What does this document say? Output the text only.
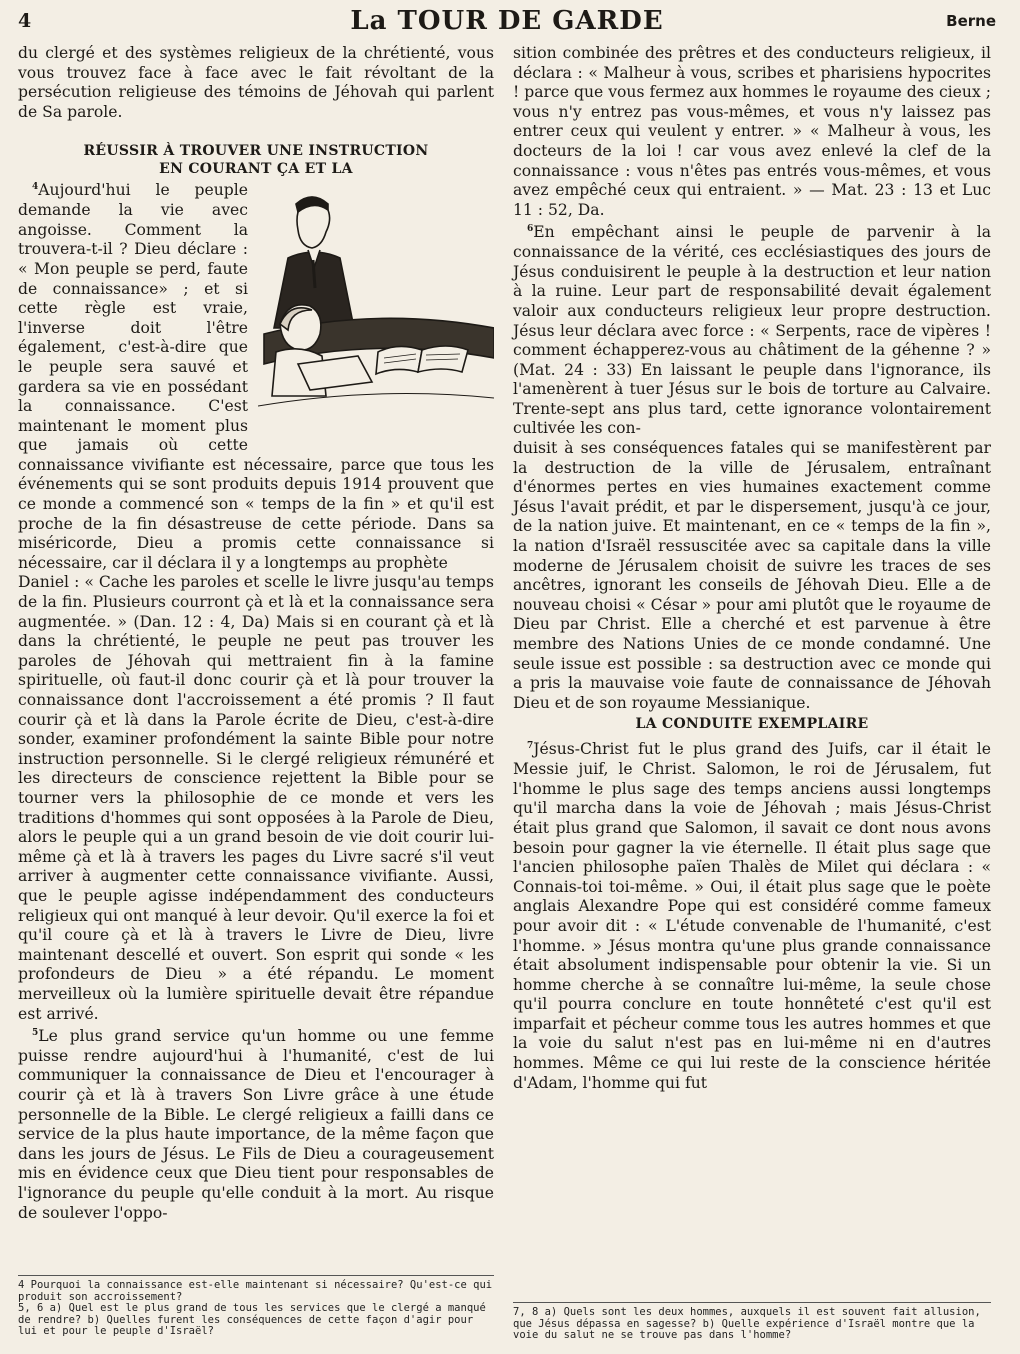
4	La TOUR DE GARDE	Berne

du clergé et des systèmes religieux de la chrétienté, vous vous trouvez face à face avec le fait révoltant de la persécution religieuse des témoins de Jéhovah qui parlent de Sa parole.

RÉUSSIR À TROUVER UNE INSTRUCTION
EN COURANT ÇA ET LA

$^4$Aujourd'hui le peuple demande la vie avec angoisse. Comment la trouvera-t-il ? Dieu déclare : « Mon peuple se perd, faute de connaissance» ; et si cette règle est vraie, l'inverse doit l'être également, c'est-à-dire que le peuple sera sauvé et gardera sa vie en possédant la connaissance. C'est maintenant le moment plus que jamais où cette connaissance vivifiante est nécessaire, parce que tous les événements qui se sont produits depuis 1914 prouvent que ce monde a commencé son « temps de la fin » et qu'il est proche de la fin désastreuse de cette période. Dans sa miséricorde, Dieu a promis cette connaissance si nécessaire, car il déclara il y a longtemps au prophète

Daniel : « Cache les paroles et scelle le livre jusqu'au temps de la fin. Plusieurs courront çà et là et la connaissance sera augmentée. » (Dan. 12 : 4, Da) Mais si en courant çà et là dans la chrétienté, le peuple ne peut pas trouver les paroles de Jéhovah qui mettraient fin à la famine spirituelle, où faut-il donc courir çà et là pour trouver la connaissance dont l'accroissement a été promis ? Il faut courir çà et là dans la Parole écrite de Dieu, c'est-à-dire sonder, examiner profondément la sainte Bible pour notre instruction personnelle. Si le clergé religieux rémunéré et les directeurs de conscience rejettent la Bible pour se tourner vers la philosophie de ce monde et vers les traditions d'hommes qui sont opposées à la Parole de Dieu, alors le peuple qui a un grand besoin de vie doit courir lui-même çà et là à travers les pages du Livre sacré s'il veut arriver à augmenter cette connaissance vivifiante. Aussi, que le peuple agisse indépendamment des conducteurs religieux qui ont manqué à leur devoir. Qu'il exerce la foi et qu'il coure çà et là à travers le Livre de Dieu, livre maintenant descellé et ouvert. Son esprit qui sonde « les profondeurs de Dieu » a été répandu. Le moment merveilleux où la lumière spirituelle devait être répandue est arrivé.

$^5$Le plus grand service qu'un homme ou une femme puisse rendre aujourd'hui à l'humanité, c'est de lui communiquer la connaissance de Dieu et l'encourager à courir çà et là à travers Son Livre grâce à une étude personnelle de la Bible. Le clergé religieux a failli dans ce service de la plus haute importance, de la même façon que dans les jours de Jésus. Le Fils de Dieu a courageusement mis en évidence ceux que Dieu tient pour responsables de l'ignorance du peuple qu'elle conduit à la mort. Au risque de soulever l'oppo-

sition combinée des prêtres et des conducteurs religieux, il déclara : « Malheur à vous, scribes et pharisiens hypocrites ! parce que vous fermez aux hommes le royaume des cieux ; vous n'y entrez pas vous-mêmes, et vous n'y laissez pas entrer ceux qui veulent y entrer. » « Malheur à vous, les docteurs de la loi ! car vous avez enlevé la clef de la connaissance : vous n'êtes pas entrés vous-mêmes, et vous avez empêché ceux qui entraient. » — Mat. 23 : 13 et Luc 11 : 52, Da.

$^6$En empêchant ainsi le peuple de parvenir à la connaissance de la vérité, ces ecclésiastiques des jours de Jésus conduisirent le peuple à la destruction et leur nation à la ruine. Leur part de responsabilité devait également valoir aux conducteurs religieux leur propre destruction. Jésus leur déclara avec force : « Serpents, race de vipères ! comment échapperez-vous au châtiment de la géhenne ? » (Mat. 24 : 33) En laissant le peuple dans l'ignorance, ils l'amenèrent à tuer Jésus sur le bois de torture au Calvaire. Trente-sept ans plus tard, cette ignorance volontairement cultivée les con-

duisit à ses conséquences fatales qui se manifestèrent par la destruction de la ville de Jérusalem, entraînant d'énormes pertes en vies humaines exactement comme Jésus l'avait prédit, et par le dispersement, jusqu'à ce jour, de la nation juive. Et maintenant, en ce « temps de la fin », la nation d'Israël ressuscitée avec sa capitale dans la ville moderne de Jérusalem choisit de suivre les traces de ses ancêtres, ignorant les conseils de Jéhovah Dieu. Elle a de nouveau choisi « César » pour ami plutôt que le royaume de Dieu par Christ. Elle a cherché et est parvenue à être membre des Nations Unies de ce monde condamné. Une seule issue est possible : sa destruction avec ce monde qui a pris la mauvaise voie faute de connaissance de Jéhovah Dieu et de son royaume Messianique.

LA CONDUITE EXEMPLAIRE

$^7$Jésus-Christ fut le plus grand des Juifs, car il était le Messie juif, le Christ. Salomon, le roi de Jérusalem, fut l'homme le plus sage des temps anciens aussi longtemps qu'il marcha dans la voie de Jéhovah ; mais Jésus-Christ était plus grand que Salomon, il savait ce dont nous avons besoin pour gagner la vie éternelle. Il était plus sage que l'ancien philosophe païen Thalès de Milet qui déclara : « Connais-toi toi-même. » Oui, il était plus sage que le poète anglais Alexandre Pope qui est considéré comme fameux pour avoir dit : « L'étude convenable de l'humanité, c'est l'homme. » Jésus montra qu'une plus grande connaissance était absolument indispensable pour obtenir la vie. Si un homme cherche à se connaître lui-même, la seule chose qu'il pourra conclure en toute honnêteté c'est qu'il est imparfait et pécheur comme tous les autres hommes et que la voie du salut n'est pas en lui-même ni en d'autres hommes. Même ce qui lui reste de la conscience héritée d'Adam, l'homme qui fut

4 Pourquoi la connaissance est-elle maintenant si nécessaire? Qu'est-ce qui produit son accroissement?
5, 6 a) Quel est le plus grand de tous les services que le clergé a manqué de rendre? b) Quelles furent les conséquences de cette façon d'agir pour lui et pour le peuple d'Israël?
7, 8 a) Quels sont les deux hommes, auxquels il est souvent fait allusion, que Jésus dépassa en sagesse? b) Quelle expérience d'Israël montre que la voie du salut ne se trouve pas dans l'homme?
